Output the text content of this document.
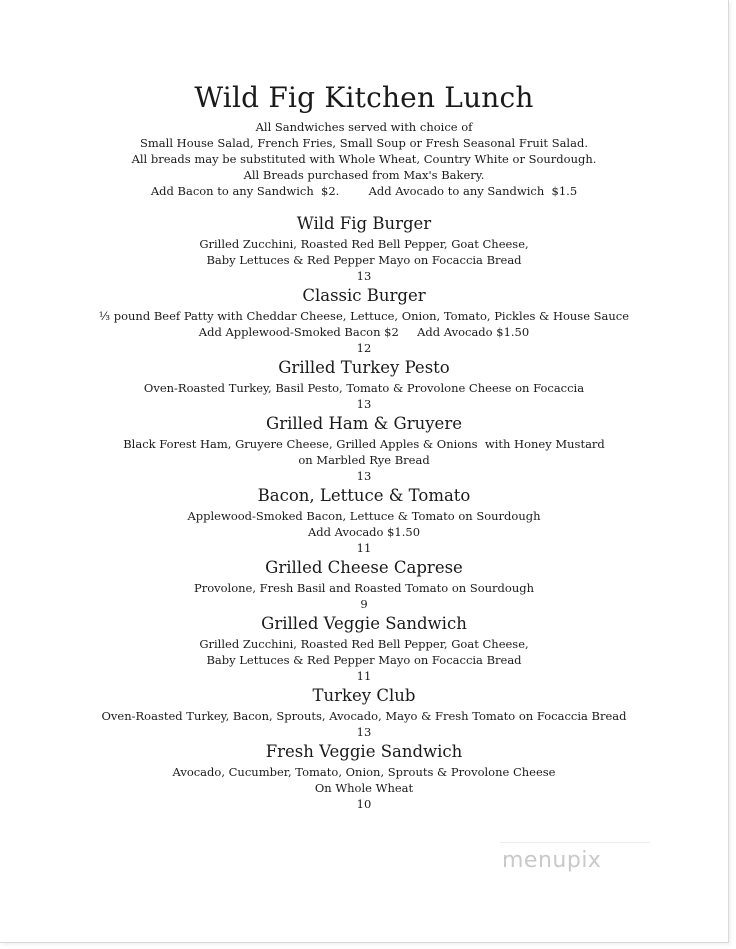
Wild Fig Kitchen Lunch
All Sandwiches served with choice of
Small House Salad, French Fries, Small Soup or Fresh Seasonal Fruit Salad.
All breads may be substituted with Whole Wheat, Country White or Sourdough.
All Breads purchased from Max's Bakery.
Add Bacon to any Sandwich  $2.        Add Avocado to any Sandwich  $1.5
Wild Fig Burger
Grilled Zucchini, Roasted Red Bell Pepper, Goat Cheese,
Baby Lettuces & Red Pepper Mayo on Focaccia Bread
13
Classic Burger
⅓ pound Beef Patty with Cheddar Cheese, Lettuce, Onion, Tomato, Pickles & House Sauce
Add Applewood-Smoked Bacon $2     Add Avocado $1.50
12
Grilled Turkey Pesto
Oven-Roasted Turkey, Basil Pesto, Tomato & Provolone Cheese on Focaccia
13
Grilled Ham & Gruyere
Black Forest Ham, Gruyere Cheese, Grilled Apples & Onions  with Honey Mustard
on Marbled Rye Bread
13
Bacon, Lettuce & Tomato
Applewood-Smoked Bacon, Lettuce & Tomato on Sourdough
Add Avocado $1.50
11
Grilled Cheese Caprese
Provolone, Fresh Basil and Roasted Tomato on Sourdough
9
Grilled Veggie Sandwich
Grilled Zucchini, Roasted Red Bell Pepper, Goat Cheese,
Baby Lettuces & Red Pepper Mayo on Focaccia Bread
11
Turkey Club
Oven-Roasted Turkey, Bacon, Sprouts, Avocado, Mayo & Fresh Tomato on Focaccia Bread
13
Fresh Veggie Sandwich
Avocado, Cucumber, Tomato, Onion, Sprouts & Provolone Cheese
On Whole Wheat
10
menupix
